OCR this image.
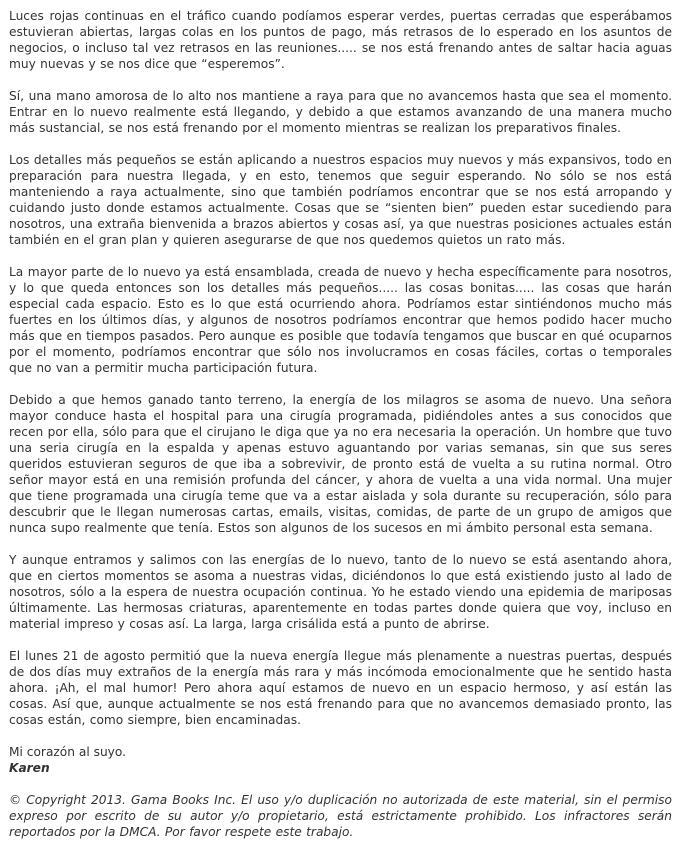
Luces rojas continuas en el tráfico cuando podíamos esperar verdes, puertas cerradas que esperábamos estuvieran abiertas, largas colas en los puntos de pago, más retrasos de lo esperado en los asuntos de negocios, o incluso tal vez retrasos en las reuniones..... se nos está frenando antes de saltar hacia aguas muy nuevas y se nos dice que “esperemos”.

Sí, una mano amorosa de lo alto nos mantiene a raya para que no avancemos hasta que sea el momento. Entrar en lo nuevo realmente está llegando, y debido a que estamos avanzando de una manera mucho más sustancial, se nos está frenando por el momento mientras se realizan los preparativos finales.

Los detalles más pequeños se están aplicando a nuestros espacios muy nuevos y más expansivos, todo en preparación para nuestra llegada, y en esto, tenemos que seguir esperando. No sólo se nos está manteniendo a raya actualmente, sino que también podríamos encontrar que se nos está arropando y cuidando justo donde estamos actualmente. Cosas que se “sienten bien” pueden estar sucediendo para nosotros, una extraña bienvenida a brazos abiertos y cosas así, ya que nuestras posiciones actuales están también en el gran plan y quieren asegurarse de que nos quedemos quietos un rato más.

La mayor parte de lo nuevo ya está ensamblada, creada de nuevo y hecha específicamente para nosotros, y lo que queda entonces son los detalles más pequeños..... las cosas bonitas..... las cosas que harán especial cada espacio. Esto es lo que está ocurriendo ahora. Podríamos estar sintiéndonos mucho más fuertes en los últimos días, y algunos de nosotros podríamos encontrar que hemos podido hacer mucho más que en tiempos pasados. Pero aunque es posible que todavía tengamos que buscar en qué ocuparnos por el momento, podríamos encontrar que sólo nos involucramos en cosas fáciles, cortas o temporales que no van a permitir mucha participación futura.

Debido a que hemos ganado tanto terreno, la energía de los milagros se asoma de nuevo. Una señora mayor conduce hasta el hospital para una cirugía programada, pidiéndoles antes a sus conocidos que recen por ella, sólo para que el cirujano le diga que ya no era necesaria la operación. Un hombre que tuvo una seria cirugía en la espalda y apenas estuvo aguantando por varias semanas, sin que sus seres queridos estuvieran seguros de que iba a sobrevivir, de pronto está de vuelta a su rutina normal. Otro señor mayor está en una remisión profunda del cáncer, y ahora de vuelta a una vida normal. Una mujer que tiene programada una cirugía teme que va a estar aislada y sola durante su recuperación, sólo para descubrir que le llegan numerosas cartas, emails, visitas, comidas, de parte de un grupo de amigos que nunca supo realmente que tenía. Estos son algunos de los sucesos en mi ámbito personal esta semana.

Y aunque entramos y salimos con las energías de lo nuevo, tanto de lo nuevo se está asentando ahora, que en ciertos momentos se asoma a nuestras vidas, diciéndonos lo que está existiendo justo al lado de nosotros, sólo a la espera de nuestra ocupación continua. Yo he estado viendo una epidemia de mariposas últimamente. Las hermosas criaturas, aparentemente en todas partes donde quiera que voy, incluso en material impreso y cosas así. La larga, larga crisálida está a punto de abrirse.

El lunes 21 de agosto permitió que la nueva energía llegue más plenamente a nuestras puertas, después de dos días muy extraños de la energía más rara y más incómoda emocionalmente que he sentido hasta ahora. ¡Ah, el mal humor! Pero ahora aquí estamos de nuevo en un espacio hermoso, y así están las cosas. Así que, aunque actualmente se nos está frenando para que no avancemos demasiado pronto, las cosas están, como siempre, bien encaminadas.

Mi corazón al suyo.
Karen

© Copyright 2013. Gama Books Inc. El uso y/o duplicación no autorizada de este material, sin el permiso expreso por escrito de su autor y/o propietario, está estrictamente prohibido. Los infractores serán reportados por la DMCA. Por favor respete este trabajo.
